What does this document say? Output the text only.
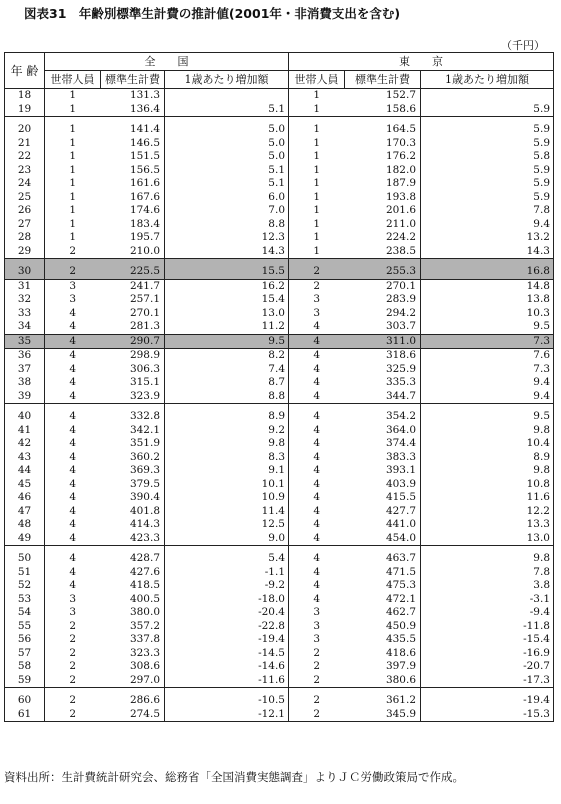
図表31　年齢別標準生計費の推計値(2001年・非消費支出を含む)
（千円）
年 齢	全　　国			東　　京		
	世帯人員	標準生計費	1歳あたり増加額	世帯人員	標準生計費	1歳あたり増加額
18	1	131.3		1	152.7	
19	1	136.4	5.1	1	158.6	5.9
20	1	141.4	5.0	1	164.5	5.9
21	1	146.5	5.0	1	170.3	5.9
22	1	151.5	5.0	1	176.2	5.8
23	1	156.5	5.1	1	182.0	5.9
24	1	161.6	5.1	1	187.9	5.9
25	1	167.6	6.0	1	193.8	5.9
26	1	174.6	7.0	1	201.6	7.8
27	1	183.4	8.8	1	211.0	9.4
28	1	195.7	12.3	1	224.2	13.2
29	2	210.0	14.3	1	238.5	14.3
30	2	225.5	15.5	2	255.3	16.8
31	3	241.7	16.2	2	270.1	14.8
32	3	257.1	15.4	3	283.9	13.8
33	4	270.1	13.0	3	294.2	10.3
34	4	281.3	11.2	4	303.7	9.5
35	4	290.7	9.5	4	311.0	7.3
36	4	298.9	8.2	4	318.6	7.6
37	4	306.3	7.4	4	325.9	7.3
38	4	315.1	8.7	4	335.3	9.4
39	4	323.9	8.8	4	344.7	9.4
40	4	332.8	8.9	4	354.2	9.5
41	4	342.1	9.2	4	364.0	9.8
42	4	351.9	9.8	4	374.4	10.4
43	4	360.2	8.3	4	383.3	8.9
44	4	369.3	9.1	4	393.1	9.8
45	4	379.5	10.1	4	403.9	10.8
46	4	390.4	10.9	4	415.5	11.6
47	4	401.8	11.4	4	427.7	12.2
48	4	414.3	12.5	4	441.0	13.3
49	4	423.3	9.0	4	454.0	13.0
50	4	428.7	5.4	4	463.7	9.8
51	4	427.6	-1.1	4	471.5	7.8
52	4	418.5	-9.2	4	475.3	3.8
53	3	400.5	-18.0	4	472.1	-3.1
54	3	380.0	-20.4	3	462.7	-9.4
55	2	357.2	-22.8	3	450.9	-11.8
56	2	337.8	-19.4	3	435.5	-15.4
57	2	323.3	-14.5	2	418.6	-16.9
58	2	308.6	-14.6	2	397.9	-20.7
59	2	297.0	-11.6	2	380.6	-17.3
60	2	286.6	-10.5	2	361.2	-19.4
61	2	274.5	-12.1	2	345.9	-15.3
資料出所：生計費統計研究会、総務省「全国消費実態調査」よりＪＣ労働政策局で作成。
